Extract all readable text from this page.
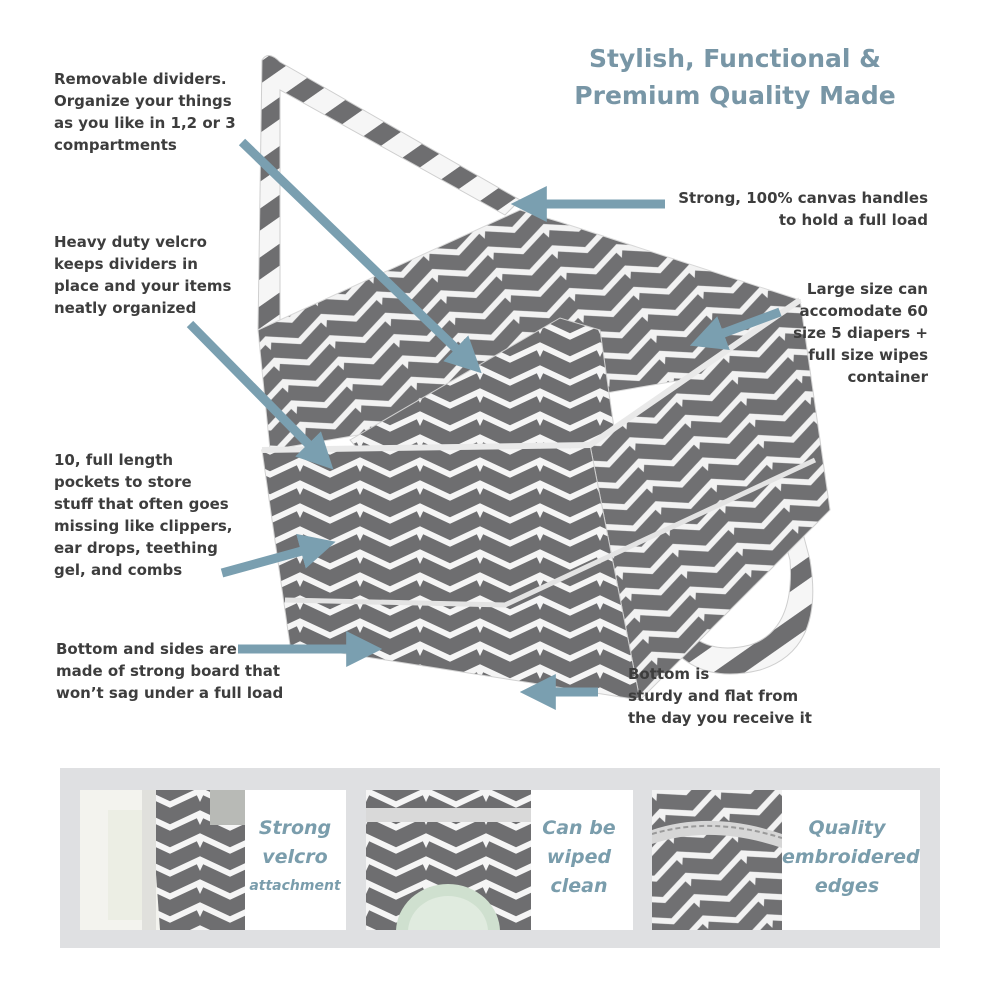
Stylish, Functional &
Premium Quality Made
Removable dividers.
Organize your things
as you like in 1,2 or 3
compartments
Heavy duty velcro
keeps dividers in
place and your items
neatly organized
10, full length
pockets to store
stuff that often goes
missing like clippers,
ear drops, teething
gel, and combs
Bottom and sides are
made of strong board that
won’t sag under a full load
Strong, 100% canvas handles
to hold a full load
Large size can
accomodate 60
size 5 diapers +
full size wipes
container
Bottom is
sturdy and flat from
the day you receive it
Strong
velcro
attachment
Can be
wiped
clean
Quality
embroidered
edges
